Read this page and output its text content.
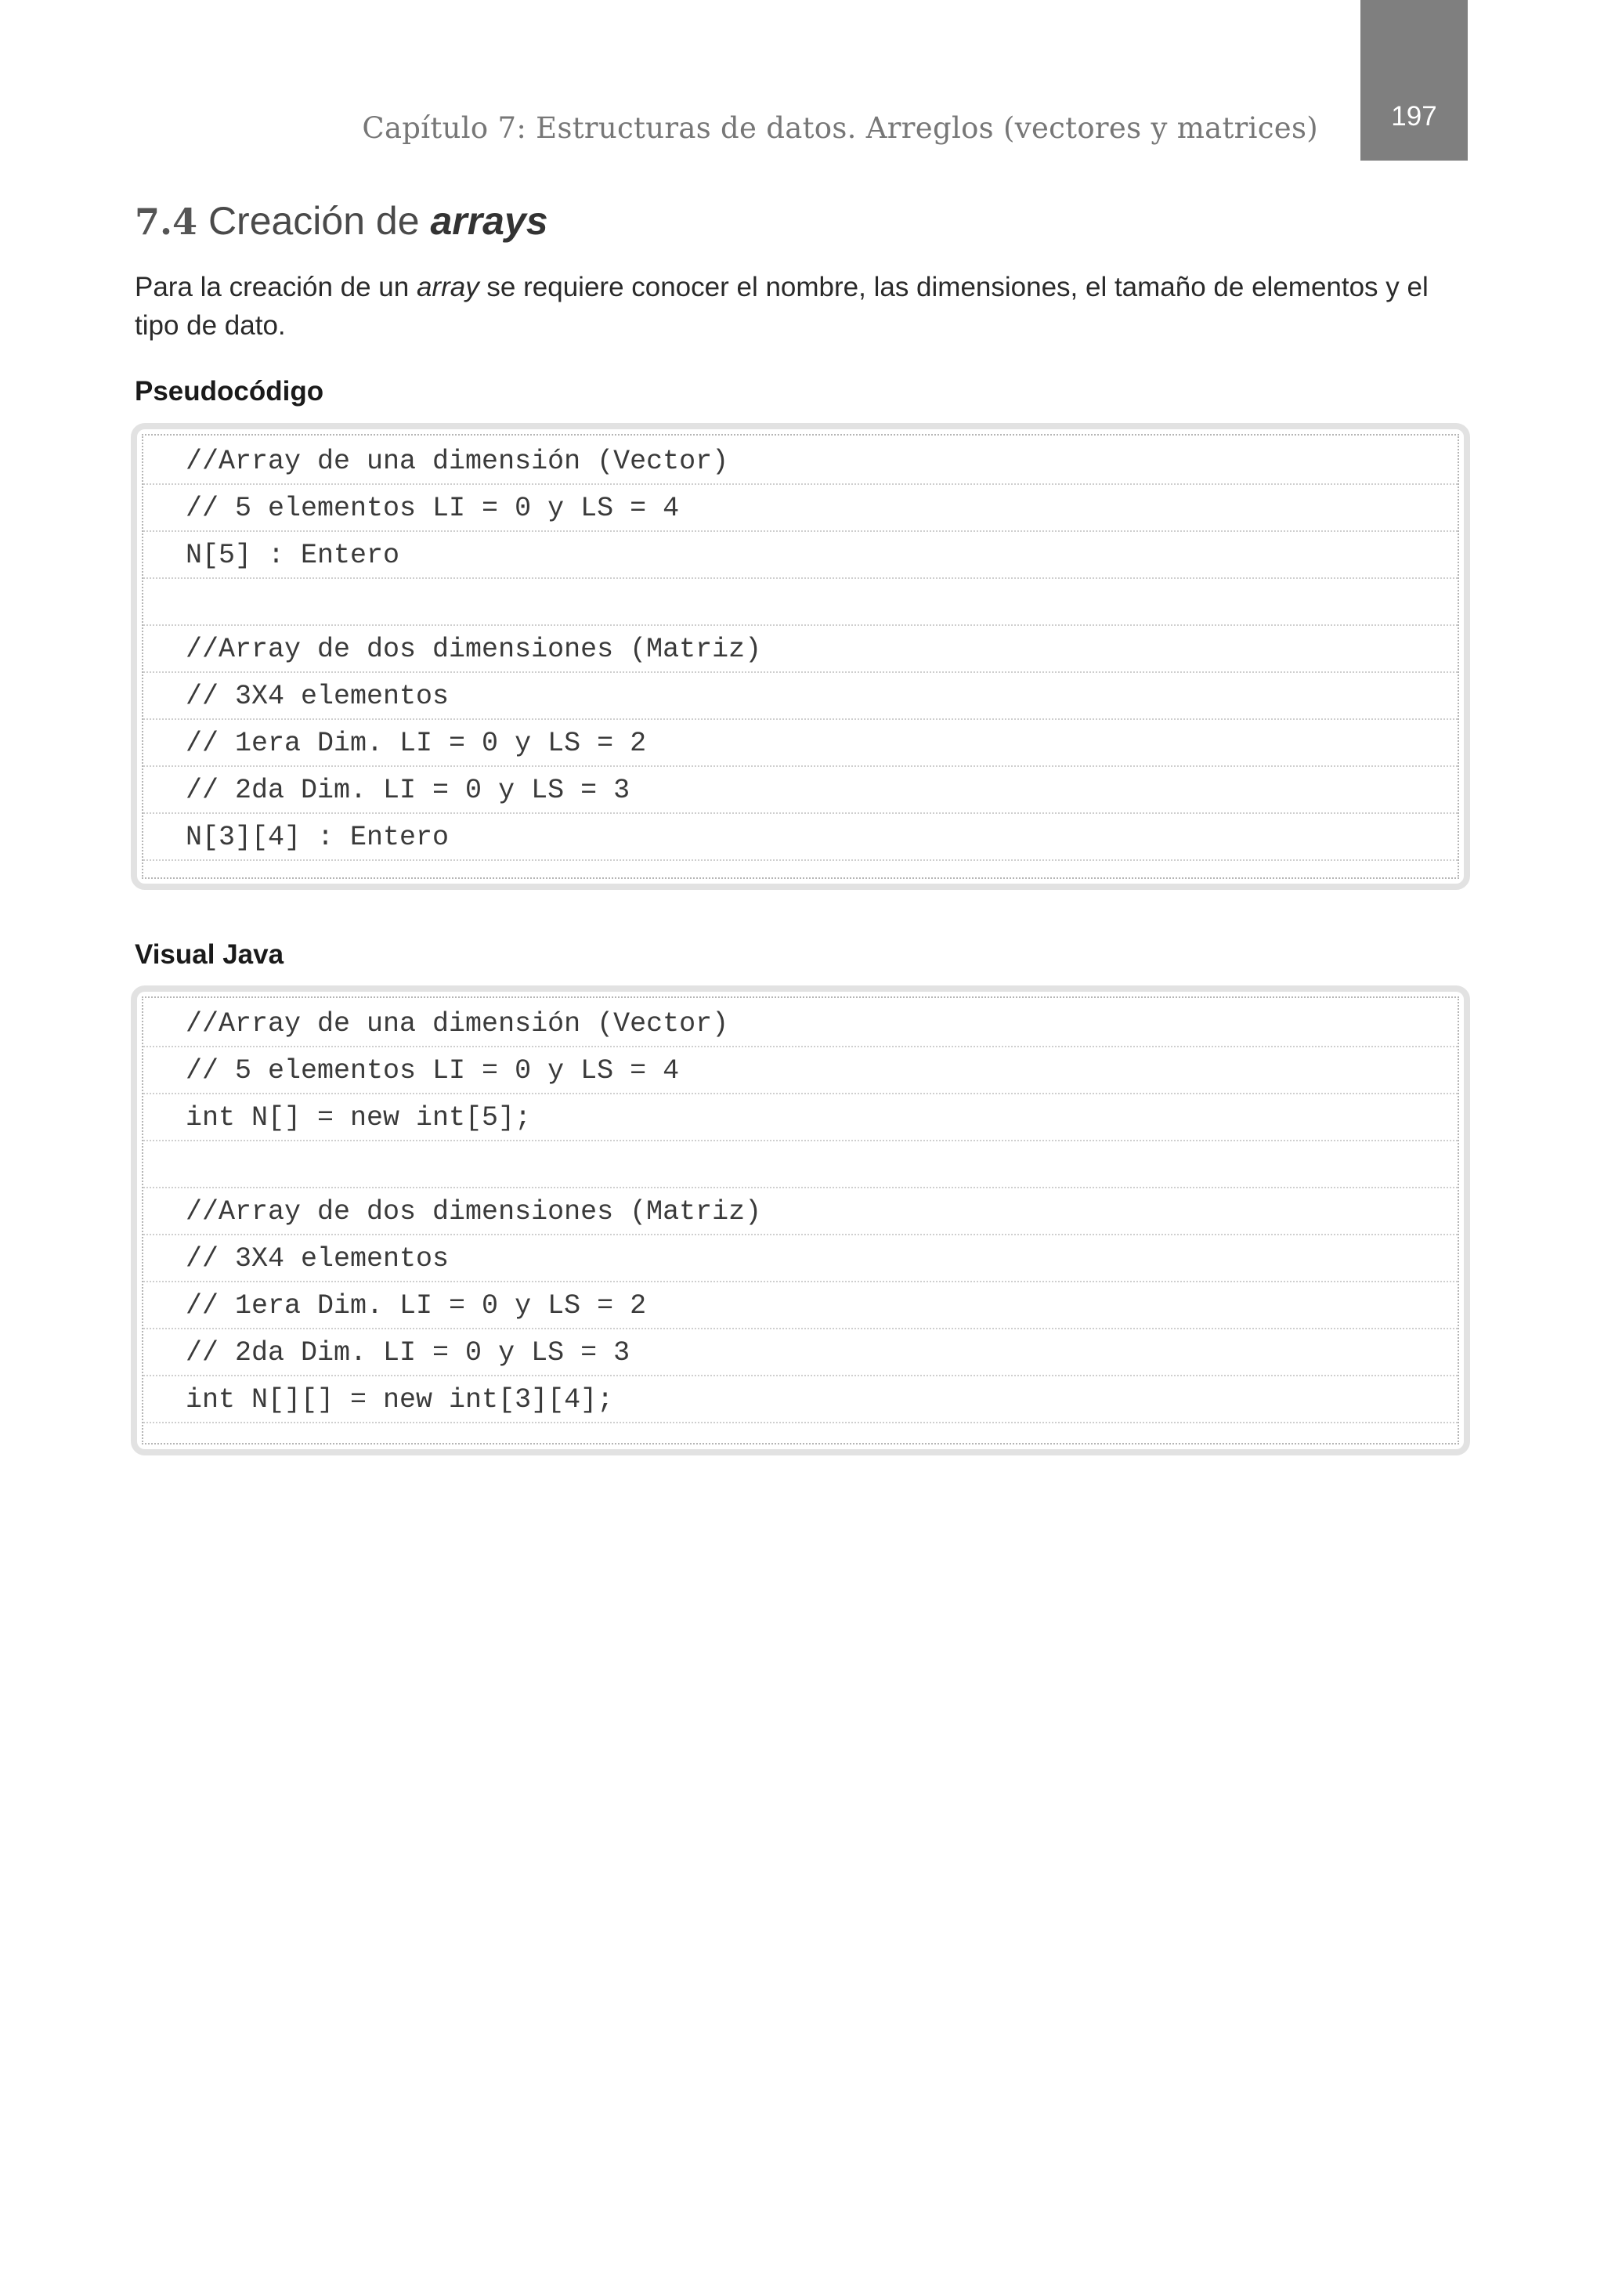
Capítulo 7: Estructuras de datos. Arreglos (vectores y matrices)	197
7.4 Creación de arrays
Para la creación de un array se requiere conocer el nombre, las dimensiones, el tamaño de elementos y el tipo de dato.
Pseudocódigo
//Array de una dimensión (Vector)
// 5 elementos LI = 0 y LS = 4
N[5] : Entero
//Array de dos dimensiones (Matriz)
// 3X4 elementos
// 1era Dim. LI = 0 y LS = 2
// 2da Dim. LI = 0 y LS = 3
N[3][4] : Entero
Visual Java
//Array de una dimensión (Vector)
// 5 elementos LI = 0 y LS = 4
int N[] = new int[5];
//Array de dos dimensiones (Matriz)
// 3X4 elementos
// 1era Dim. LI = 0 y LS = 2
// 2da Dim. LI = 0 y LS = 3
int N[][] = new int[3][4];
